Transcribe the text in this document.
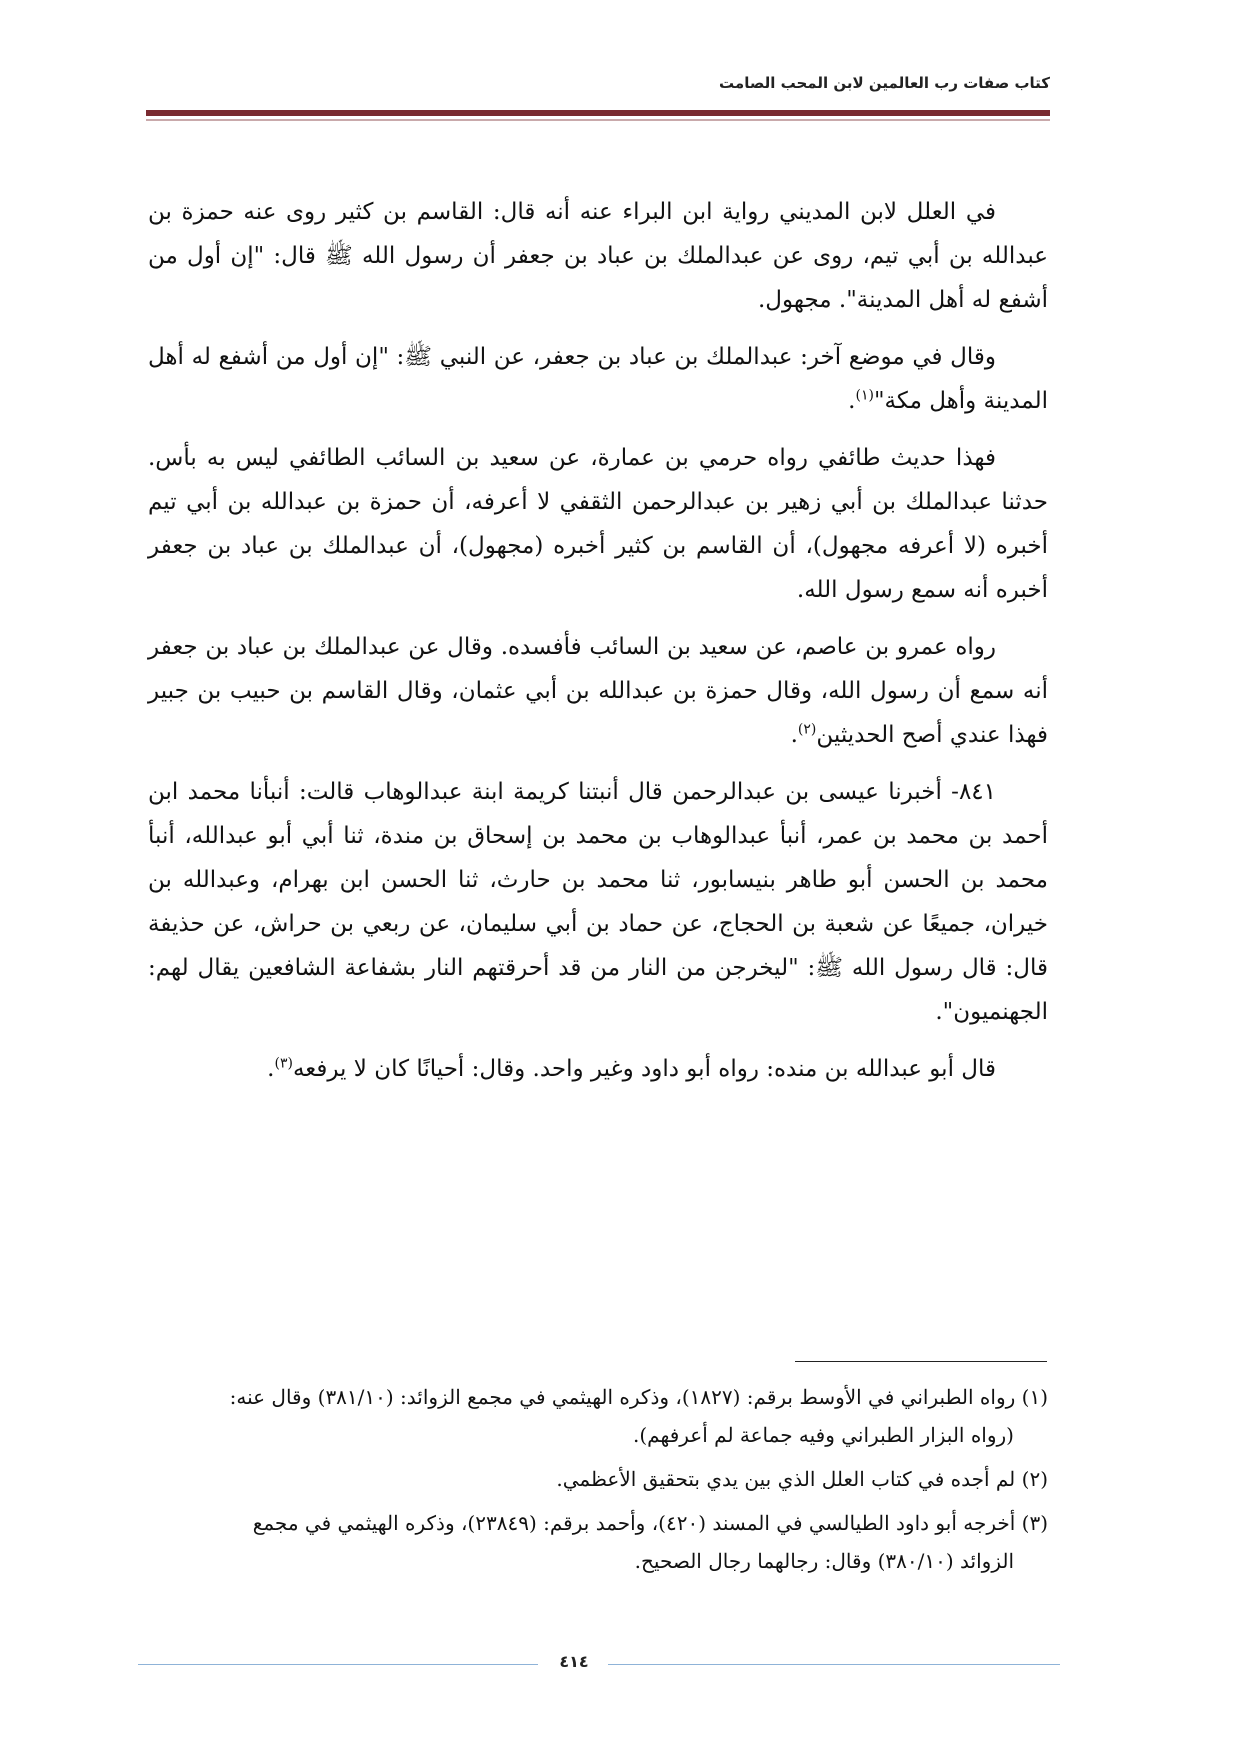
كتاب صفات رب العالمين لابن المحب الصامت

في العلل لابن المديني رواية ابن البراء عنه أنه قال: القاسم بن كثير روى عنه حمزة بن عبدالله بن أبي تيم، روى عن عبدالملك بن عباد بن جعفر أن رسول الله ﷺ قال: "إن أول من أشفع له أهل المدينة". مجهول.

وقال في موضع آخر: عبدالملك بن عباد بن جعفر، عن النبي ﷺ: "إن أول من أشفع له أهل المدينة وأهل مكة"$^{(١)}$.

فهذا حديث طائفي رواه حرمي بن عمارة، عن سعيد بن السائب الطائفي ليس به بأس. حدثنا عبدالملك بن أبي زهير بن عبدالرحمن الثقفي لا أعرفه، أن حمزة بن عبدالله بن أبي تيم أخبره (لا أعرفه مجهول)، أن القاسم بن كثير أخبره (مجهول)، أن عبدالملك بن عباد بن جعفر أخبره أنه سمع رسول الله.

رواه عمرو بن عاصم، عن سعيد بن السائب فأفسده. وقال عن عبدالملك بن عباد بن جعفر أنه سمع أن رسول الله، وقال حمزة بن عبدالله بن أبي عثمان، وقال القاسم بن حبيب بن جبير فهذا عندي أصح الحديثين$^{(٢)}$.

٨٤١- أخبرنا عيسى بن عبدالرحمن قال أنبتنا كريمة ابنة عبدالوهاب قالت: أنبأنا محمد ابن أحمد بن محمد بن عمر، أنبأ عبدالوهاب بن محمد بن إسحاق بن مندة، ثنا أبي أبو عبدالله، أنبأ محمد بن الحسن أبو طاهر بنيسابور، ثنا محمد بن حارث، ثنا الحسن ابن بهرام، وعبدالله بن خيران، جميعًا عن شعبة بن الحجاج، عن حماد بن أبي سليمان، عن ربعي بن حراش، عن حذيفة قال: قال رسول الله ﷺ: "ليخرجن من النار من قد أحرقتهم النار بشفاعة الشافعين يقال لهم: الجهنميون".

قال أبو عبدالله بن منده: رواه أبو داود وغير واحد. وقال: أحيانًا كان لا يرفعه$^{(٣)}$.

(١) رواه الطبراني في الأوسط برقم: (١٨٢٧)، وذكره الهيثمي في مجمع الزوائد: (٣٨١/١٠) وقال عنه:
(رواه البزار الطبراني وفيه جماعة لم أعرفهم).

(٢) لم أجده في كتاب العلل الذي بين يدي بتحقيق الأعظمي.

(٣) أخرجه أبو داود الطيالسي في المسند (٤٢٠)، وأحمد برقم: (٢٣٨٤٩)، وذكره الهيثمي في مجمع
الزوائد (٣٨٠/١٠) وقال: رجالهما رجال الصحيح.

٤١٤
